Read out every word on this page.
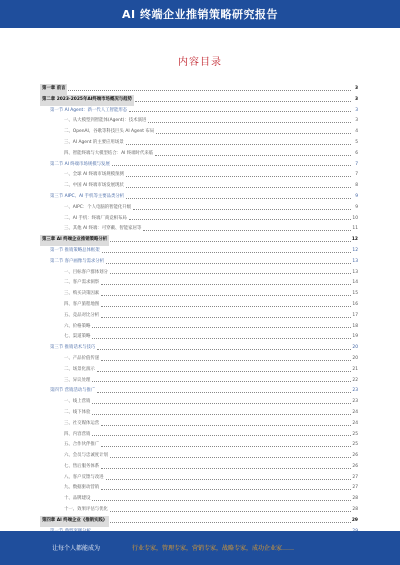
AI 终端企业推销策略研究报告
内容目录
第一章 前言	3
第二章 2023-2025年AI终端市场概况与趋势	3
第一节 AI Agent：新一代人工智能形态	3
一、从大模型到智能体(Agent)：技术演进	3
二、OpenAI、谷歌等科技巨头 AI Agent 布局	4
三、AI Agent 的主要应用场景	5
四、智能终端与大模型结合：AI 终端时代来临	6
第二节 AI 终端市场规模与发展	7
一、全球 AI 终端市场规模预测	7
二、中国 AI 终端市场发展现状	8
第三节 AIPC、AI 手机等主要品类分析	9
一、AIPC：个人电脑的智能化升级	9
二、AI 手机：终端厂商竞相布局	10
三、其他 AI 终端：可穿戴、智能家居等	11
第三章 AI 终端企业推销策略分析	12
第一节 推销策略总体框架	12
第二节 客户画像与需求分析	13
一、目标客户群体划分	13
二、客户需求洞察	14
三、购买决策因素	15
四、客户旅程地图	16
五、竞品对比分析	17
六、价格策略	18
七、渠道策略	19
第三节 推销话术与技巧	20
一、产品价值传递	20
二、场景化演示	21
三、异议处理	22
第四节 营销活动与推广	23
一、线上营销	23
二、线下体验	24
三、社交媒体运营	24
四、内容营销	25
五、合作伙伴推广	25
六、会员与忠诚度计划	26
七、售后服务体系	26
八、客户反馈与改进	27
九、数据驱动营销	27
十、品牌建设	28
十一、效果评估与优化	28
第四章 AI 终端企业《推销实践》	29
让每个人都能成为	行业专家，管理专家，营销专家，战略专家，成功企业家……
